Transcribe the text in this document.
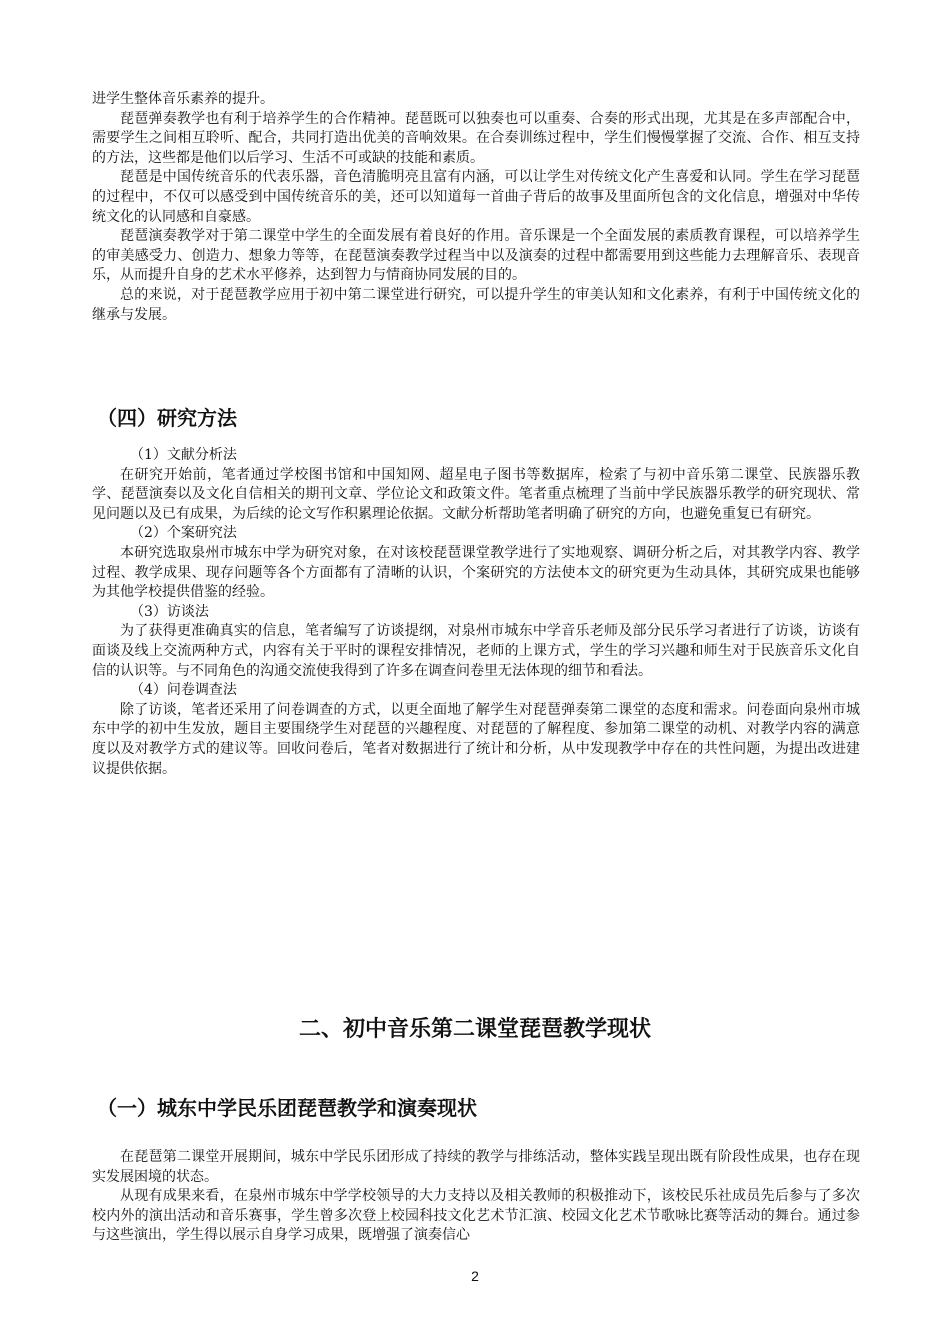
进学生整体音乐素养的提升。

琵琶弹奏教学也有利于培养学生的合作精神。琵琶既可以独奏也可以重奏、合奏的形式出现，尤其是在多声部配合中，需要学生之间相互聆听、配合，共同打造出优美的音响效果。在合奏训练过程中，学生们慢慢掌握了交流、合作、相互支持的方法，这些都是他们以后学习、生活不可或缺的技能和素质。

琵琶是中国传统音乐的代表乐器，音色清脆明亮且富有内涵，可以让学生对传统文化产生喜爱和认同。学生在学习琵琶的过程中，不仅可以感受到中国传统音乐的美，还可以知道每一首曲子背后的故事及里面所包含的文化信息，增强对中华传统文化的认同感和自豪感。

琵琶演奏教学对于第二课堂中学生的全面发展有着良好的作用。音乐课是一个全面发展的素质教育课程，可以培养学生的审美感受力、创造力、想象力等等，在琵琶演奏教学过程当中以及演奏的过程中都需要用到这些能力去理解音乐、表现音乐，从而提升自身的艺术水平修养，达到智力与情商协同发展的目的。

总的来说，对于琵琶教学应用于初中第二课堂进行研究，可以提升学生的审美认知和文化素养，有利于中国传统文化的继承与发展。

（四）研究方法

（1）文献分析法

在研究开始前，笔者通过学校图书馆和中国知网、超星电子图书等数据库，检索了与初中音乐第二课堂、民族器乐教学、琵琶演奏以及文化自信相关的期刊文章、学位论文和政策文件。笔者重点梳理了当前中学民族器乐教学的研究现状、常见问题以及已有成果，为后续的论文写作积累理论依据。文献分析帮助笔者明确了研究的方向，也避免重复已有研究。

（2）个案研究法

本研究选取泉州市城东中学为研究对象，在对该校琵琶课堂教学进行了实地观察、调研分析之后，对其教学内容、教学过程、教学成果、现存问题等各个方面都有了清晰的认识，个案研究的方法使本文的研究更为生动具体，其研究成果也能够为其他学校提供借鉴的经验。

（3）访谈法

为了获得更准确真实的信息，笔者编写了访谈提纲，对泉州市城东中学音乐老师及部分民乐学习者进行了访谈，访谈有面谈及线上交流两种方式，内容有关于平时的课程安排情况，老师的上课方式，学生的学习兴趣和师生对于民族音乐文化自信的认识等。与不同角色的沟通交流使我得到了许多在调查问卷里无法体现的细节和看法。

（4）问卷调查法

除了访谈，笔者还采用了问卷调查的方式，以更全面地了解学生对琵琶弹奏第二课堂的态度和需求。问卷面向泉州市城东中学的初中生发放，题目主要围绕学生对琵琶的兴趣程度、对琵琶的了解程度、参加第二课堂的动机、对教学内容的满意度以及对教学方式的建议等。回收问卷后，笔者对数据进行了统计和分析，从中发现教学中存在的共性问题，为提出改进建议提供依据。

二、初中音乐第二课堂琵琶教学现状
（一）城东中学民乐团琵琶教学和演奏现状

在琵琶第二课堂开展期间，城东中学民乐团形成了持续的教学与排练活动，整体实践呈现出既有阶段性成果，也存在现实发展困境的状态。

从现有成果来看，在泉州市城东中学学校领导的大力支持以及相关教师的积极推动下，该校民乐社成员先后参与了多次校内外的演出活动和音乐赛事，学生曾多次登上校园科技文化艺术节汇演、校园文化艺术节歌咏比赛等活动的舞台。通过参与这些演出，学生得以展示自身学习成果，既增强了演奏信心

2
